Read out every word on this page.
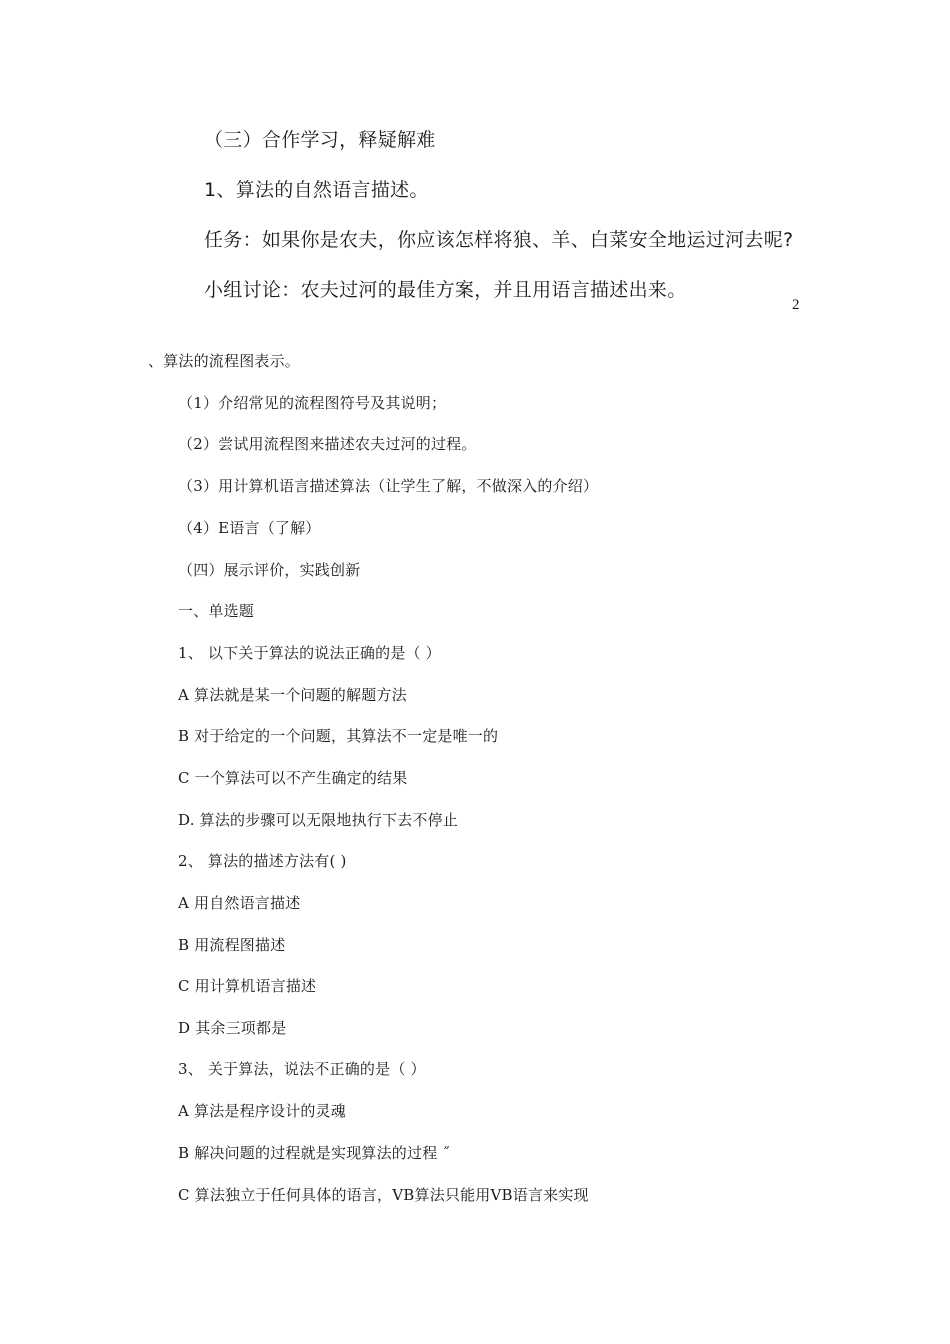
（三）合作学习，释疑解难
1、算法的自然语言描述。
任务：如果你是农夫，你应该怎样将狼、羊、白菜安全地运过河去呢?
小组讨论：农夫过河的最佳方案，并且用语言描述出来。
2
、算法的流程图表示。
（1）介绍常见的流程图符号及其说明；
（2）尝试用流程图来描述农夫过河的过程。
（3）用计算机语言描述算法（让学生了解，不做深入的介绍）
（4）E语言（了解）
（四）展示评价，实践创新
一、单选题
1、 以下关于算法的说法正确的是（ ）
A 算法就是某一个问题的解题方法
B 对于给定的一个问题，其算法不一定是唯一的
C 一个算法可以不产生确定的结果
D. 算法的步骤可以无限地执行下去不停止
2、 算法的描述方法有( )
A 用自然语言描述
B 用流程图描述
C 用计算机语言描述
D 其余三项都是
3、 关于算法，说法不正确的是（ ）
A 算法是程序设计的灵魂
B 解决问题的过程就是实现算法的过程 ˝
C 算法独立于任何具体的语言，VB算法只能用VB语言来实现
